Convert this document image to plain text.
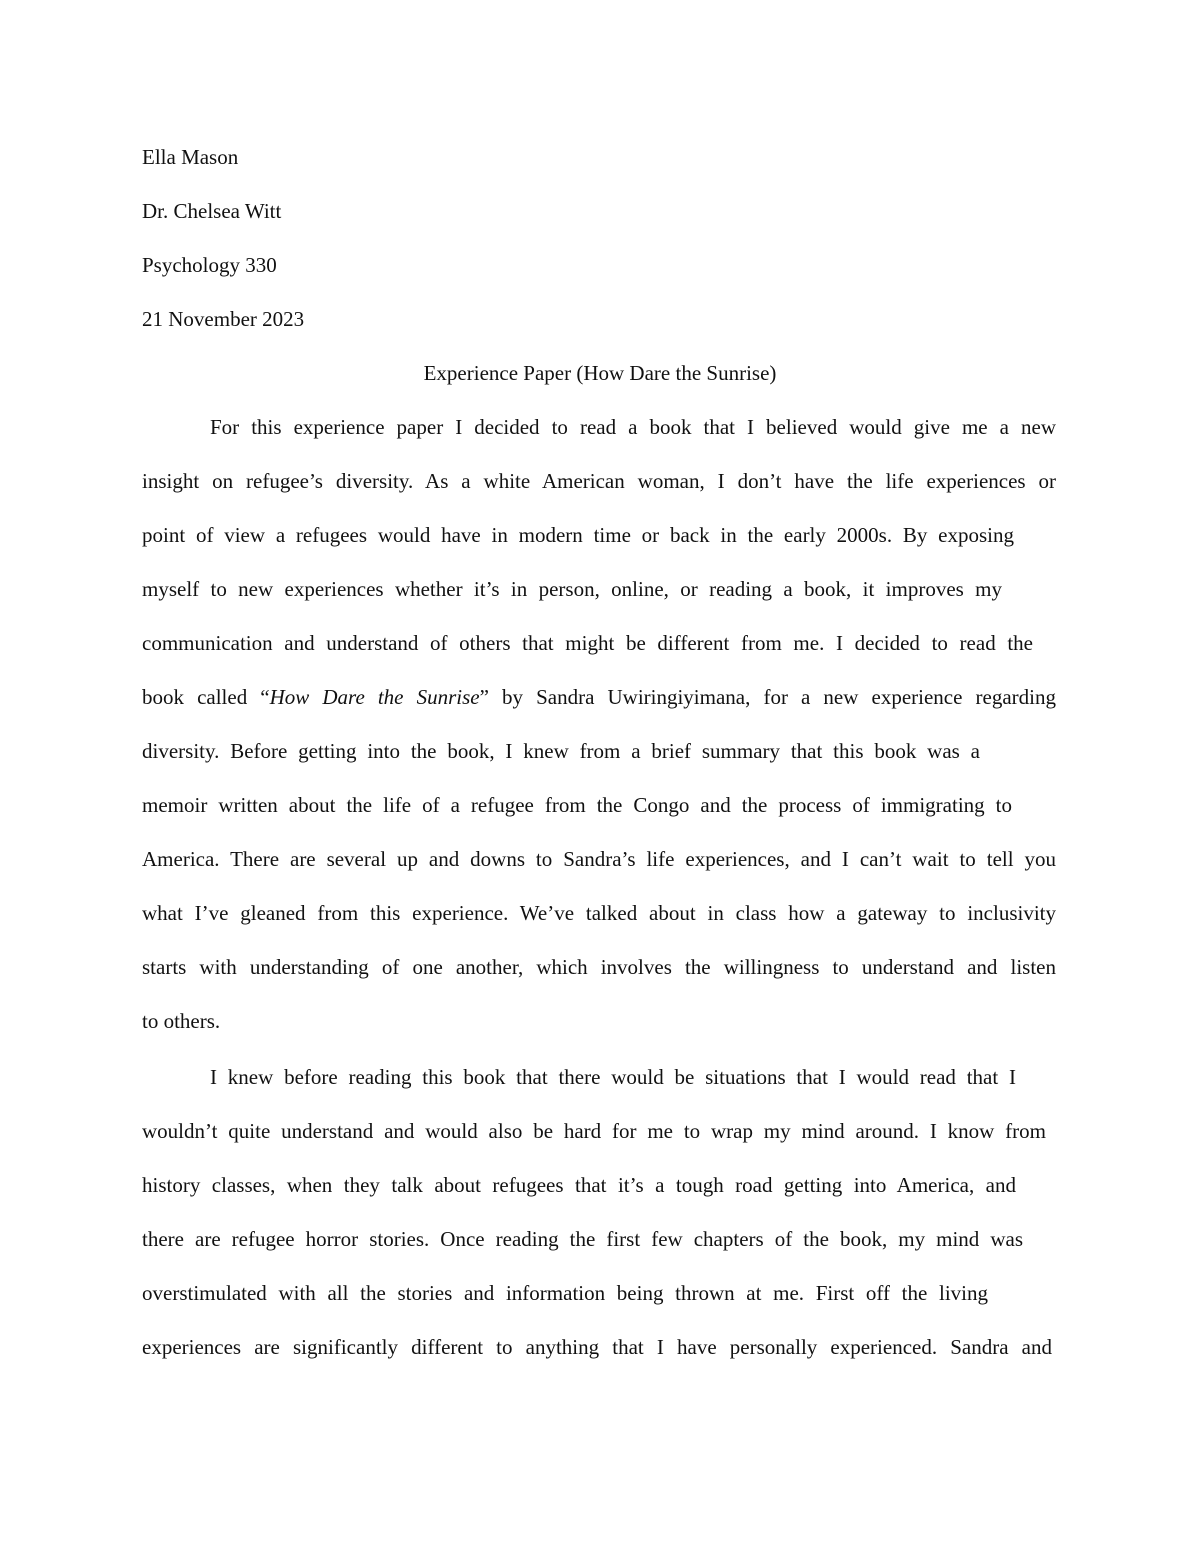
Ella Mason
Dr. Chelsea Witt
Psychology 330
21 November 2023
Experience Paper (How Dare the Sunrise)
For this experience paper I decided to read a book that I believed would give me a new
insight on refugee’s diversity. As a white American woman, I don’t have the life experiences or
point of view a refugees would have in modern time or back in the early 2000s. By exposing
myself to new experiences whether it’s in person, online, or reading a book, it improves my
communication and understand of others that might be different from me. I decided to read the
book called “How Dare the Sunrise” by Sandra Uwiringiyimana, for a new experience regarding
diversity. Before getting into the book, I knew from a brief summary that this book was a
memoir written about the life of a refugee from the Congo and the process of immigrating to
America. There are several up and downs to Sandra’s life experiences, and I can’t wait to tell you
what I’ve gleaned from this experience. We’ve talked about in class how a gateway to inclusivity
starts with understanding of one another, which involves the willingness to understand and listen
to others.
I knew before reading this book that there would be situations that I would read that I
wouldn’t quite understand and would also be hard for me to wrap my mind around. I know from
history classes, when they talk about refugees that it’s a tough road getting into America, and
there are refugee horror stories. Once reading the first few chapters of the book, my mind was
overstimulated with all the stories and information being thrown at me. First off the living
experiences are significantly different to anything that I have personally experienced. Sandra and
